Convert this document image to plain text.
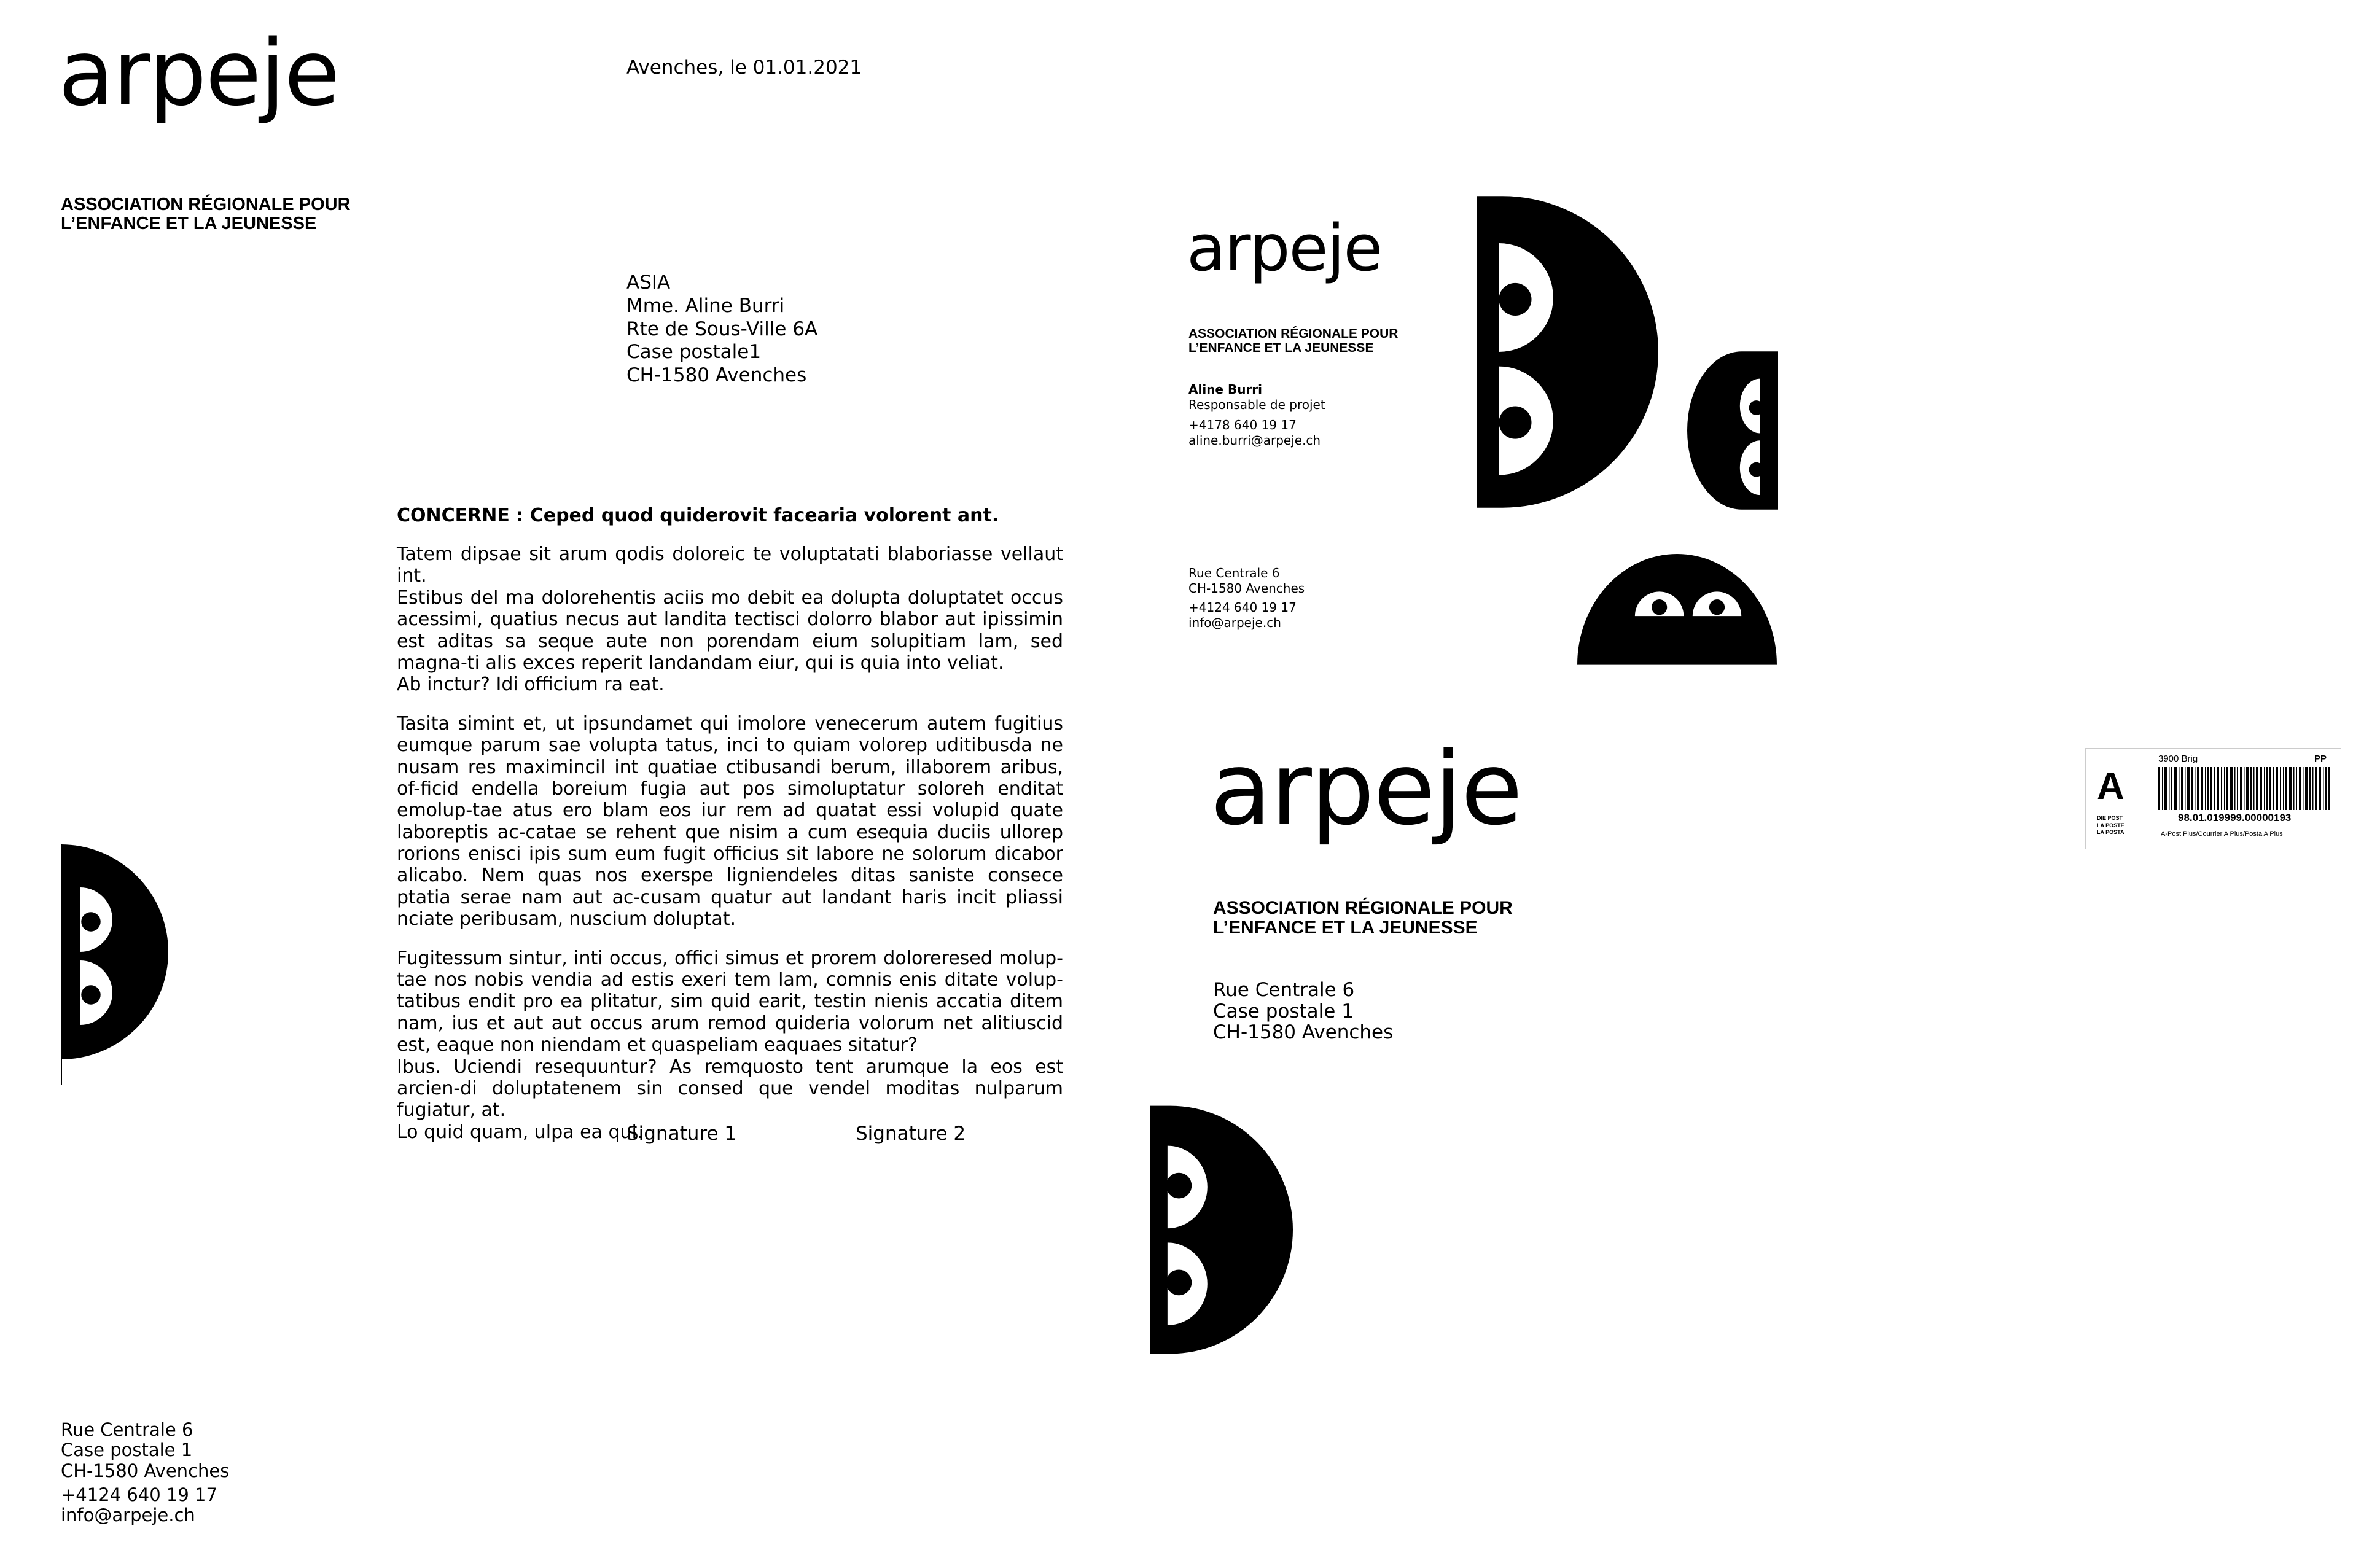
arpeje
ASSOCIATION RÉGIONALE POUR
L’ENFANCE ET LA JEUNESSE
Avenches, le 01.01.2021
ASIA
Mme. Aline Burri
Rte de Sous-Ville 6A
Case postale1
CH-1580 Avenches
CONCERNE : Ceped quod quiderovit facearia volorent ant.

Tatem dipsae sit arum qodis doloreic te voluptatati blaboriasse vellaut int.
Estibus del ma dolorehentis aciis mo debit ea dolupta doluptatet occus acessimi, quatius necus aut landita tectisci dolorro blabor aut ipissimin est aditas sa seque aute non porendam eium solupitiam lam, sed magna-ti alis exces reperit landandam eiur, qui is quia into veliat.
Ab inctur? Idi officium ra eat.

Tasita simint et, ut ipsundamet qui imolore venecerum autem fugitius eumque parum sae volupta tatus, inci to quiam volorep uditibusda ne nusam res maximincil int quatiae ctibusandi berum, illaborem aribus, of-ficid endella boreium fugia aut pos simoluptatur soloreh enditat emolup-tae atus ero blam eos iur rem ad quatat essi volupid quate laboreptis ac-catae se rehent que nisim a cum esequia duciis ullorep rorions enisci ipis sum eum fugit officius sit labore ne solorum dicabor alicabo. Nem quas nos exerspe ligniendeles ditas saniste consece ptatia serae nam aut ac-cusam quatur aut landant haris incit pliassi nciate peribusam, nuscium doluptat.

Fugitessum sintur, inti occus, offici simus et prorem doloreresed molup-tae nos nobis vendia ad estis exeri tem lam, comnis enis ditate volup-tatibus endit pro ea plitatur, sim quid earit, testin nienis accatia ditem nam, ius et aut aut occus arum remod quideria volorum net alitiuscid est, eaque non niendam et quaspeliam eaquaes sitatur?
Ibus. Uciendi resequuntur? As remquosto tent arumque la eos est arcien-di doluptatenem sin consed que vendel moditas nulparum fugiatur, at.
Lo quid quam, ulpa ea qui.

Signature 1	Signature 2
Rue Centrale 6
Case postale 1
CH-1580 Avenches
+4124 640 19 17
info@arpeje.ch
arpeje
ASSOCIATION RÉGIONALE POUR
L’ENFANCE ET LA JEUNESSE
Aline Burri
Responsable de projet
+4178 640 19 17
aline.burri@arpeje.ch
Rue Centrale 6
CH-1580 Avenches
+4124 640 19 17
info@arpeje.ch
arpeje
ASSOCIATION RÉGIONALE POUR
L’ENFANCE ET LA JEUNESSE
Rue Centrale 6
Case postale 1
CH-1580 Avenches
A
DIE POST
LA POSTE
LA POSTA
3900 Brig	PP
98.01.019999.00000193
A-Post Plus/Courrier A Plus/Posta A Plus
